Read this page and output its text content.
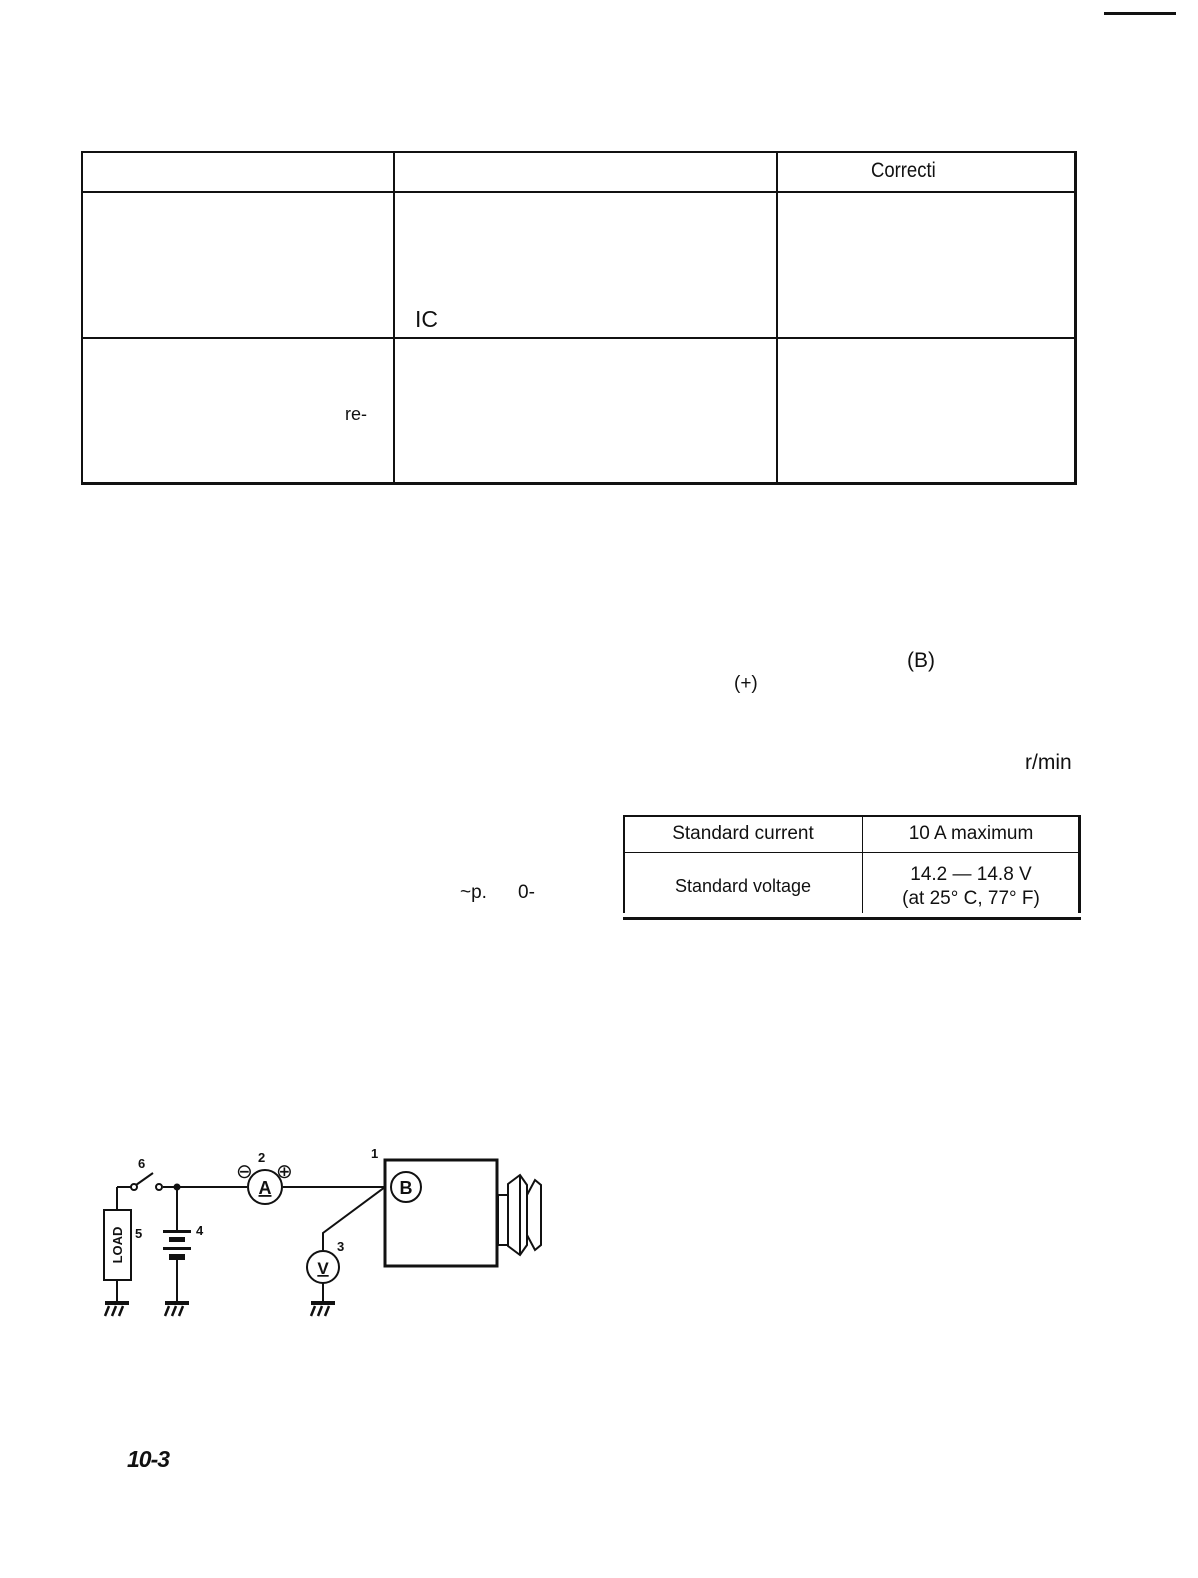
Correcti
IC
re-
(B)
(+)
r/min
~p. 0-
Standard current	10 A maximum
Standard voltage
14.2 — 14.8 V
(at 25° C, 77° F)
1
2
3
4
5
6
A
V
B
LOAD
⊖ ⊕
10-3
